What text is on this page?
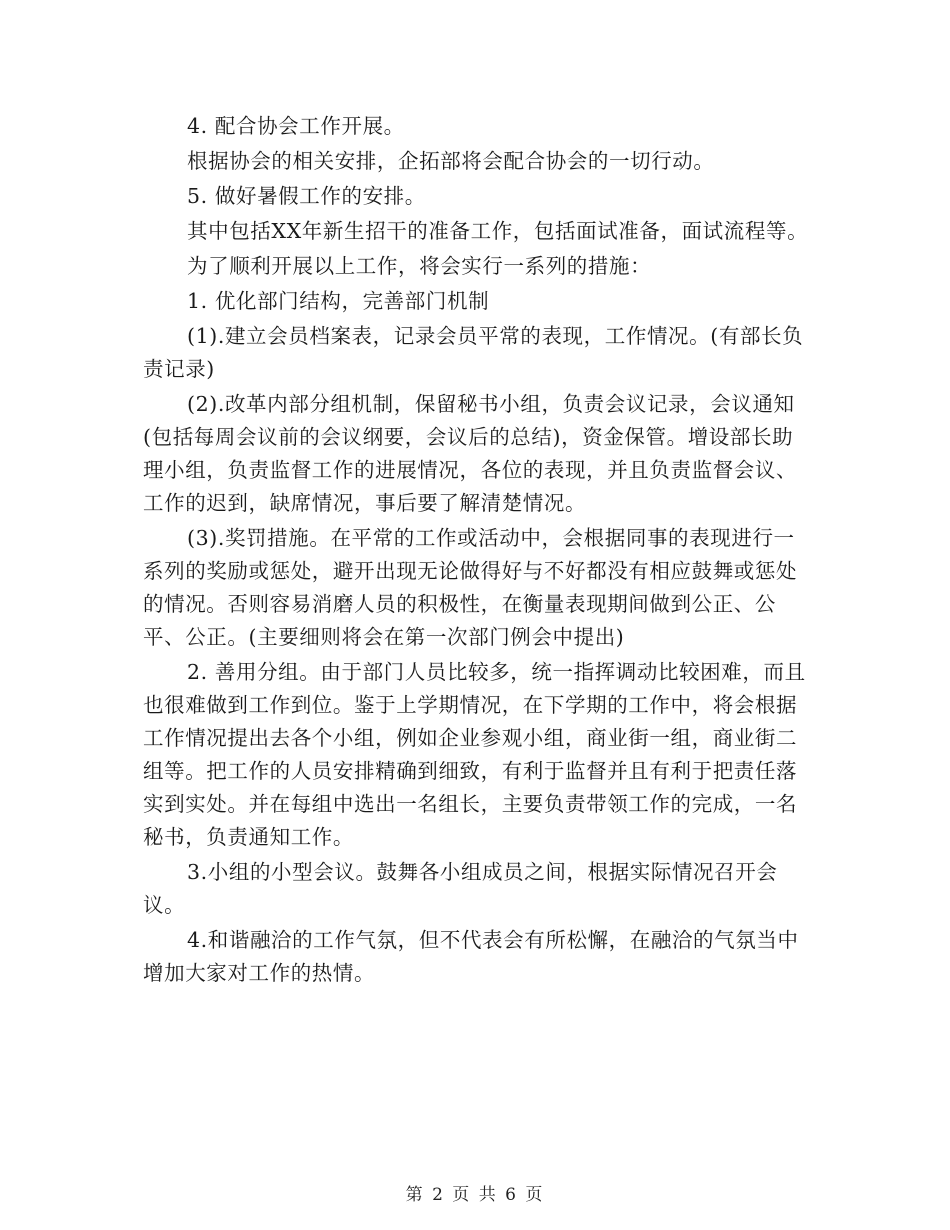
4. 配合协会工作开展。

根据协会的相关安排，企拓部将会配合协会的一切行动。

5. 做好暑假工作的安排。

其中包括XX年新生招干的准备工作，包括面试准备，面试流程等。

为了顺利开展以上工作，将会实行一系列的措施：

1. 优化部门结构，完善部门机制

(1).建立会员档案表，记录会员平常的表现，工作情况。(有部长负责记录)

(2).改革内部分组机制，保留秘书小组，负责会议记录，会议通知(包括每周会议前的会议纲要，会议后的总结)，资金保管。增设部长助理小组，负责监督工作的进展情况，各位的表现，并且负责监督会议、工作的迟到，缺席情况，事后要了解清楚情况。

(3).奖罚措施。在平常的工作或活动中，会根据同事的表现进行一系列的奖励或惩处，避开出现无论做得好与不好都没有相应鼓舞或惩处的情况。否则容易消磨人员的积极性，在衡量表现期间做到公正、公平、公正。(主要细则将会在第一次部门例会中提出)

2. 善用分组。由于部门人员比较多，统一指挥调动比较困难，而且也很难做到工作到位。鉴于上学期情况，在下学期的工作中，将会根据工作情况提出去各个小组，例如企业参观小组，商业街一组，商业街二组等。把工作的人员安排精确到细致，有利于监督并且有利于把责任落实到实处。并在每组中选出一名组长，主要负责带领工作的完成，一名秘书，负责通知工作。

3.小组的小型会议。鼓舞各小组成员之间，根据实际情况召开会议。

4.和谐融洽的工作气氛，但不代表会有所松懈，在融洽的气氛当中增加大家对工作的热情。

第 2 页 共 6 页
